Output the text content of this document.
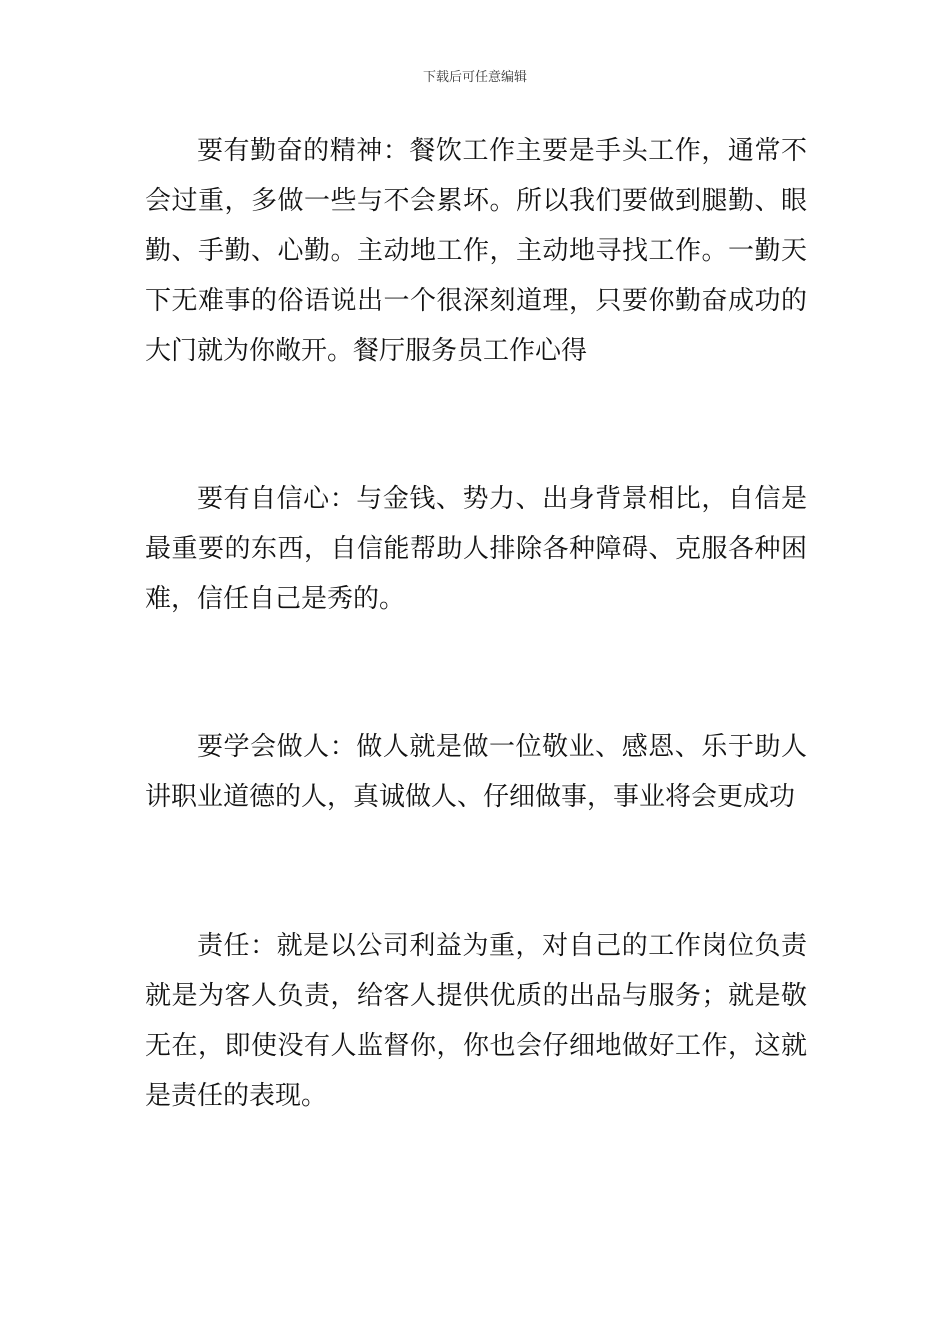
下载后可任意编辑

要有勤奋的精神：餐饮工作主要是手头工作，通常不会过重，多做一些与不会累坏。所以我们要做到腿勤、眼勤、手勤、心勤。主动地工作，主动地寻找工作。一勤天下无难事的俗语说出一个很深刻道理，只要你勤奋成功的大门就为你敞开。餐厅服务员工作心得

要有自信心：与金钱、势力、出身背景相比，自信是最重要的东西，自信能帮助人排除各种障碍、克服各种困难，信任自己是秀的。

要学会做人：做人就是做一位敬业、感恩、乐于助人讲职业道德的人，真诚做人、仔细做事，事业将会更成功

责任：就是以公司利益为重，对自己的工作岗位负责就是为客人负责，给客人提供优质的出品与服务；就是敬无在，即使没有人监督你，你也会仔细地做好工作，这就是责任的表现。
